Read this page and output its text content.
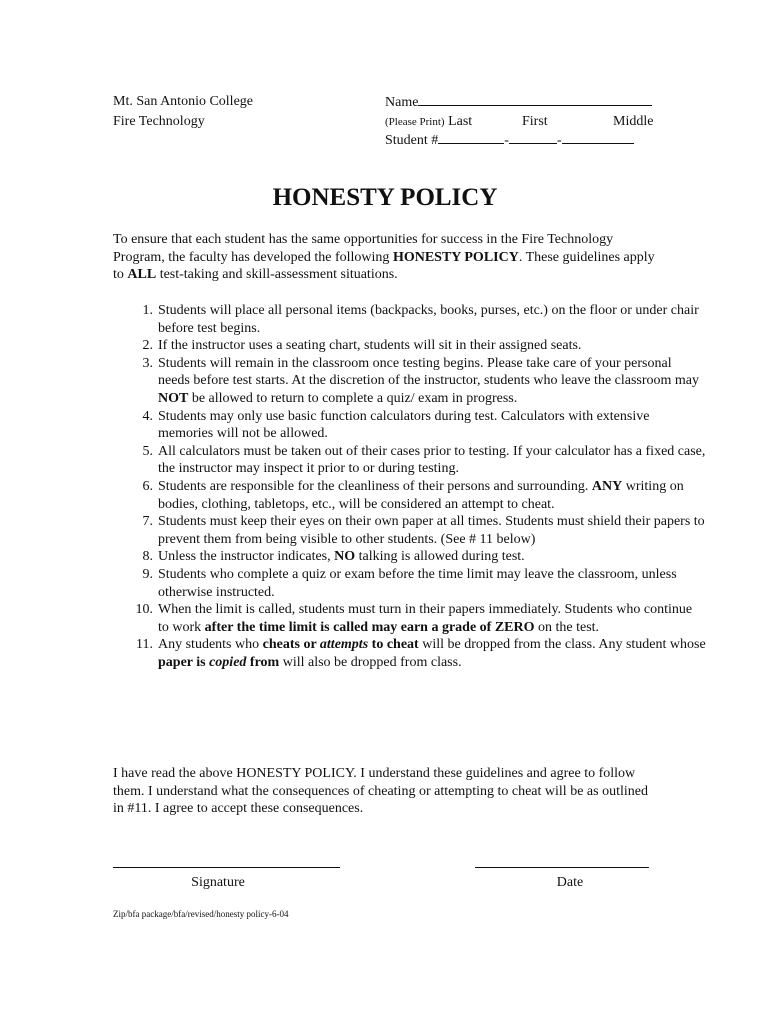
Mt. San Antonio College
Fire Technology
Name
(Please Print) Last	First	Middle
Student #	-	-
HONESTY POLICY
To ensure that each student has the same opportunities for success in the Fire Technology Program, the faculty has developed the following HONESTY POLICY. These guidelines apply to ALL test-taking and skill-assessment situations.
1. Students will place all personal items (backpacks, books, purses, etc.) on the floor or under chair before test begins.
2. If the instructor uses a seating chart, students will sit in their assigned seats.
3. Students will remain in the classroom once testing begins. Please take care of your personal needs before test starts. At the discretion of the instructor, students who leave the classroom may NOT be allowed to return to complete a quiz/ exam in progress.
4. Students may only use basic function calculators during test. Calculators with extensive memories will not be allowed.
5. All calculators must be taken out of their cases prior to testing. If your calculator has a fixed case, the instructor may inspect it prior to or during testing.
6. Students are responsible for the cleanliness of their persons and surrounding. ANY writing on bodies, clothing, tabletops, etc., will be considered an attempt to cheat.
7. Students must keep their eyes on their own paper at all times. Students must shield their papers to prevent them from being visible to other students. (See # 11 below)
8. Unless the instructor indicates, NO talking is allowed during test.
9. Students who complete a quiz or exam before the time limit may leave the classroom, unless otherwise instructed.
10. When the limit is called, students must turn in their papers immediately. Students who continue to work after the time limit is called may earn a grade of ZERO on the test.
11. Any students who cheats or attempts to cheat will be dropped from the class. Any student whose paper is copied from will also be dropped from class.
I have read the above HONESTY POLICY. I understand these guidelines and agree to follow them. I understand what the consequences of cheating or attempting to cheat will be as outlined in #11. I agree to accept these consequences.
Signature	Date
Zip/bfa package/bfa/revised/honesty policy-6-04
